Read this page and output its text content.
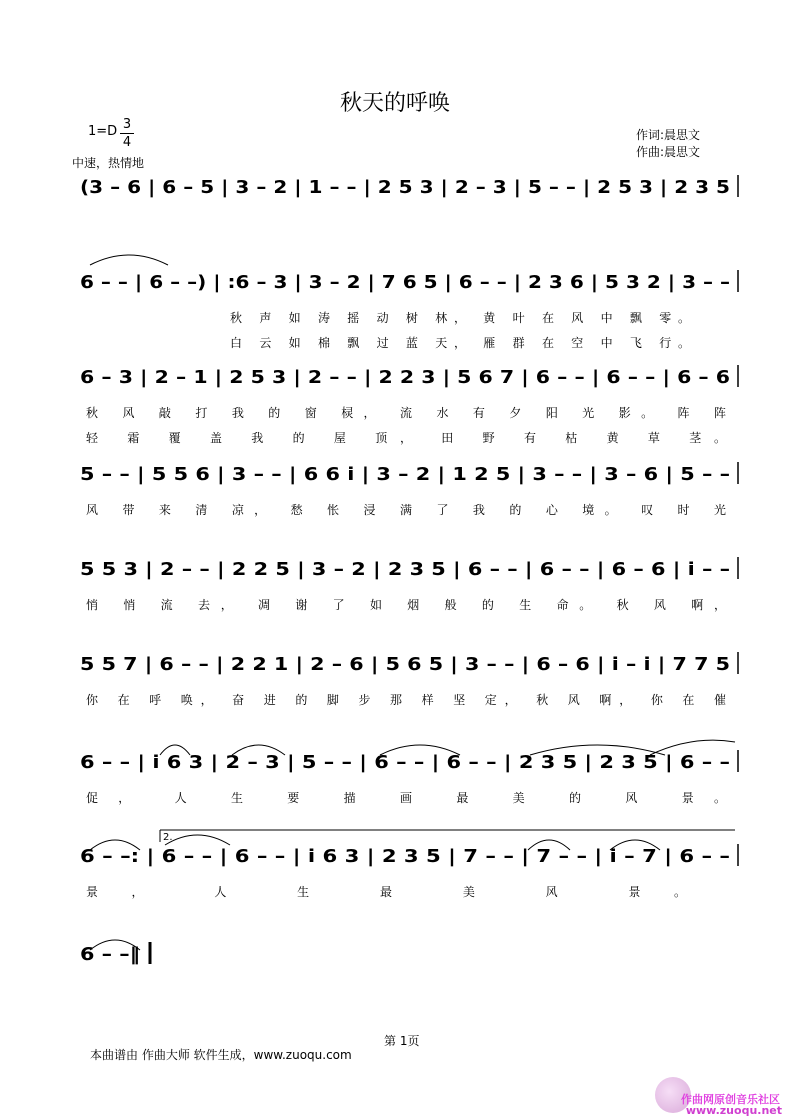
秋天的呼唤
1=D 3
4
中速，热情地
作词:晨思文
作曲:晨思文
(3 – 6 | 6 – 5 | 3 – 2 | 1 – – | 2 5 3 | 2 – 3 | 5 – – | 2 5 3 | 2 3 5
6 – – | 6 – –) | :6 – 3 | 3 – 2 | 7 6 5 | 6 – – | 2 3 6 | 5 3 2 | 3 – –
秋 声 如 涛 摇 动 树 林， 黄 叶 在 风 中 飘 零。
白 云 如 棉 飘 过 蓝 天， 雁 群 在 空 中 飞 行。
6 – 3 | 2 – 1 | 2 5 3 | 2 – – | 2 2 3 | 5 6 7 | 6 – – | 6 – – | 6 – 6
秋 风 敲 打 我 的 窗 棂， 流 水 有 夕 阳 光 影。 阵 阵
轻 霜 覆 盖 我 的 屋 顶， 田 野 有 枯 黄 草 茎。
5 – – | 5 5 6 | 3 – – | 6 6 i | 3 – 2 | 1 2 5 | 3 – – | 3 – 6 | 5 – –
风 带 来 清 凉， 愁 怅 浸 满 了 我 的 心 境。 叹 时 光
5 5 3 | 2 – – | 2 2 5 | 3 – 2 | 2 3 5 | 6 – – | 6 – – | 6 – 6 | i – –
悄 悄 流 去， 凋 谢 了 如 烟 般 的 生 命。 秋 风 啊，
5 5 7 | 6 – – | 2 2 1 | 2 – 6 | 5 6 5 | 3 – – | 6 – 6 | i – i | 7 7 5
你 在 呼 唤， 奋 进 的 脚 步 那 样 坚 定， 秋 风 啊， 你 在 催
6 – – | i 6 3 | 2 – 3 | 5 – – | 6 – – | 6 – – | 2 3 5 | 2 3 5 | 6 – –
促， 人 生 要 描 画 最 美 的 风 景。
6 – –: | 6 – – | 6 – – | i 6 3 | 2 3 5 | 7 – – | 7 – – | i – 7 | 6 – –
景， 人 生 最 美 风 景。
2.
6 – –‖
第 1页
本曲谱由 作曲大师 软件生成，www.zuoqu.com
作曲网原创音乐社区
www.zuoqu.net
